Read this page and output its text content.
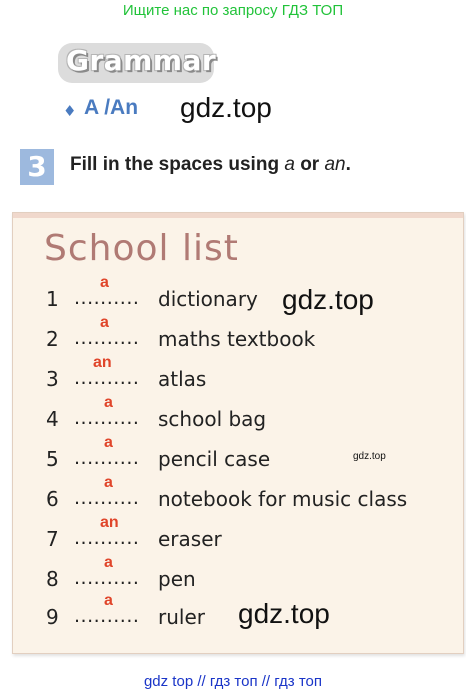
Ищите нас по запросу ГДЗ ТОП
Grammar
♦ A /An gdz.top
3	Fill in the spaces using a or an.
School list
1 ..........
a
dictionary
2 ..........
a
maths textbook
3 ..........
an
atlas
4 ..........
a
school bag
5 ..........
a
pencil case
6 ..........
a
notebook for music class
7 ..........
an
eraser
8 ..........
a
pen
9 ..........
a
ruler
gdz.top
gdz.top
gdz.top
gdz top // гдз топ // гдз топ
